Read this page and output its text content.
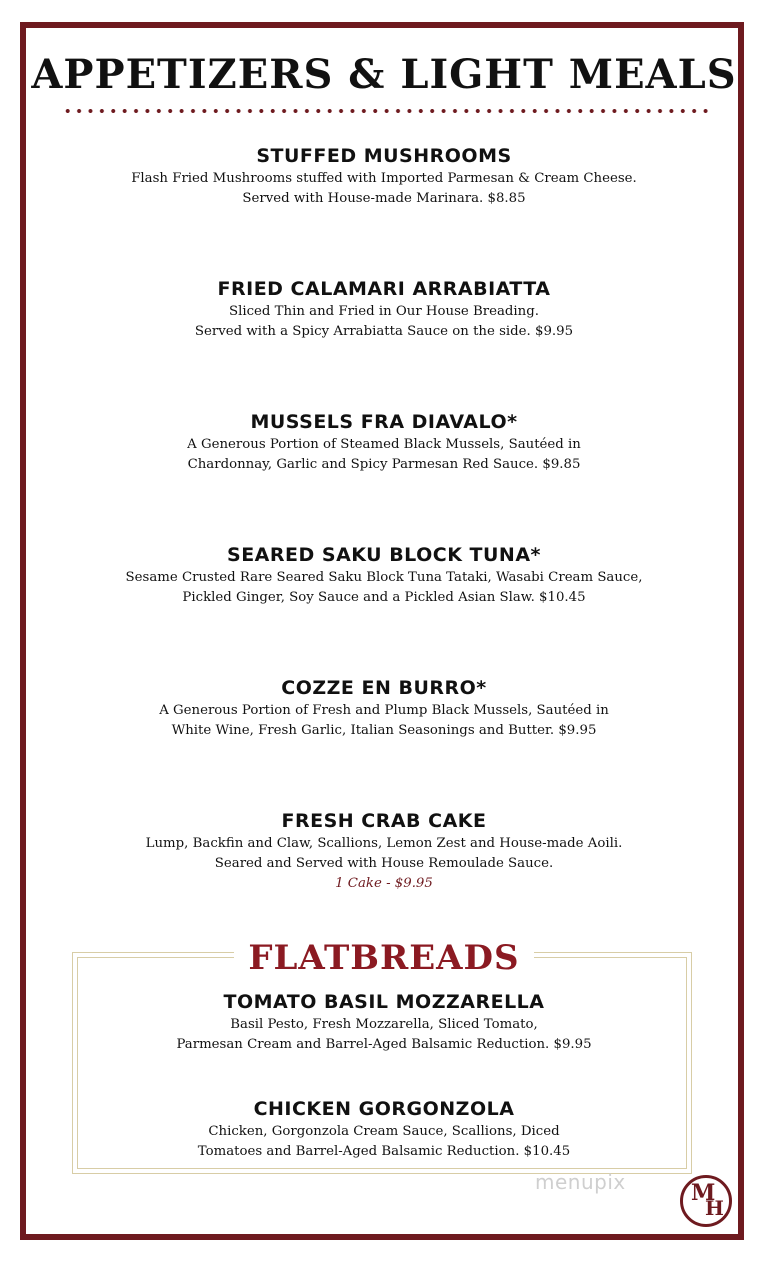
APPETIZERS & LIGHT MEALS
STUFFED MUSHROOMS
Flash Fried Mushrooms stuffed with Imported Parmesan & Cream Cheese.
Served with House-made Marinara. $8.85
FRIED CALAMARI ARRABIATTA
Sliced Thin and Fried in Our House Breading.
Served with a Spicy Arrabiatta Sauce on the side. $9.95
MUSSELS FRA DIAVALO*
A Generous Portion of Steamed Black Mussels, Sautéed in
Chardonnay, Garlic and Spicy Parmesan Red Sauce. $9.85
SEARED SAKU BLOCK TUNA*
Sesame Crusted Rare Seared Saku Block Tuna Tataki, Wasabi Cream Sauce,
Pickled Ginger, Soy Sauce and a Pickled Asian Slaw. $10.45
COZZE EN BURRO*
A Generous Portion of Fresh and Plump Black Mussels, Sautéed in
White Wine, Fresh Garlic, Italian Seasonings and Butter. $9.95
FRESH CRAB CAKE
Lump, Backfin and Claw, Scallions, Lemon Zest and House-made Aoili.
Seared and Served with House Remoulade Sauce.
1 Cake - $9.95
FLATBREADS
TOMATO BASIL MOZZARELLA
Basil Pesto, Fresh Mozzarella, Sliced Tomato,
Parmesan Cream and Barrel-Aged Balsamic Reduction. $9.95
CHICKEN GORGONZOLA
Chicken, Gorgonzola Cream Sauce, Scallions, Diced
Tomatoes and Barrel-Aged Balsamic Reduction. $10.45
menupix	M
H
